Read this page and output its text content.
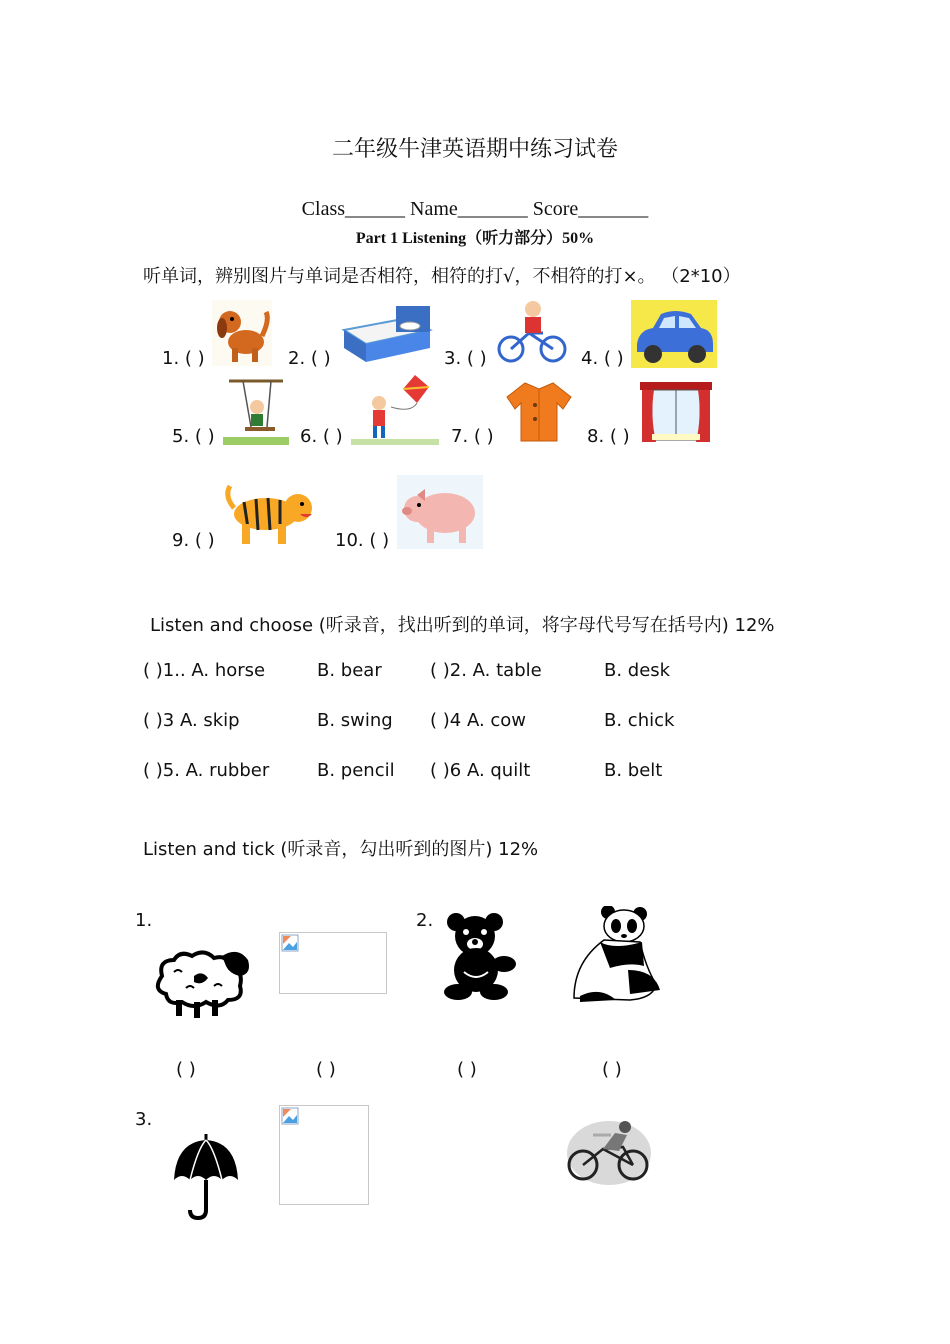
二年级牛津英语期中练习试卷
Class______ Name_______ Score_______
Part 1 Listening（听力部分）50%
听单词，辨别图片与单词是否相符，相符的打√，不相符的打×。 （2*10）
1. ( )	2. ( )	3. ( )	4. ( )
5. ( )	6. ( )	7. ( )	8. ( )
9. ( )	10. ( )
Listen and choose (听录音，找出听到的单词，将字母代号写在括号内) 12%
( )1.. A. horse	B. bear	( )2. A. table	B. desk
( )3 A. skip	B. swing ( )4 A. cow	B. chick
( )5. A. rubber	B. pencil ( )6 A. quilt	B. belt
Listen and tick (听录音，勾出听到的图片) 12%
1.	2.
( )	( )	( )	( )
3.
